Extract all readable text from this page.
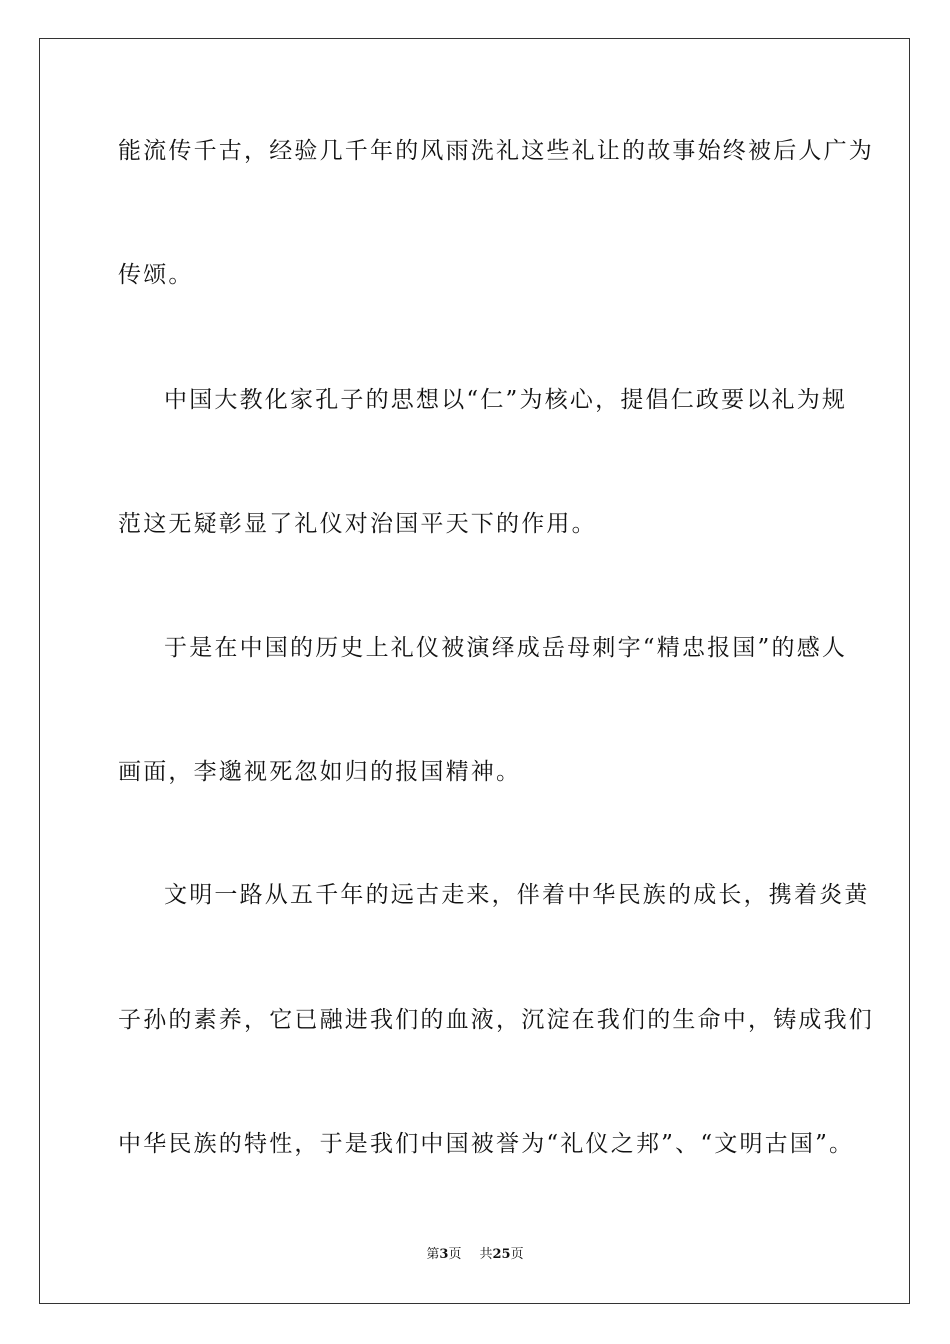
能流传千古，经验几千年的风雨洗礼这些礼让的故事始终被后人广为
传颂。
中国大教化家孔子的思想以“仁”为核心，提倡仁政要以礼为规
范这无疑彰显了礼仪对治国平天下的作用。
于是在中国的历史上礼仪被演绎成岳母刺字“精忠报国”的感人
画面，李邈视死忽如归的报国精神。
文明一路从五千年的远古走来，伴着中华民族的成长，携着炎黄
子孙的素养，它已融进我们的血液，沉淀在我们的生命中，铸成我们
中华民族的特性，于是我们中国被誉为“礼仪之邦”、“文明古国”。
第3页 共25页
